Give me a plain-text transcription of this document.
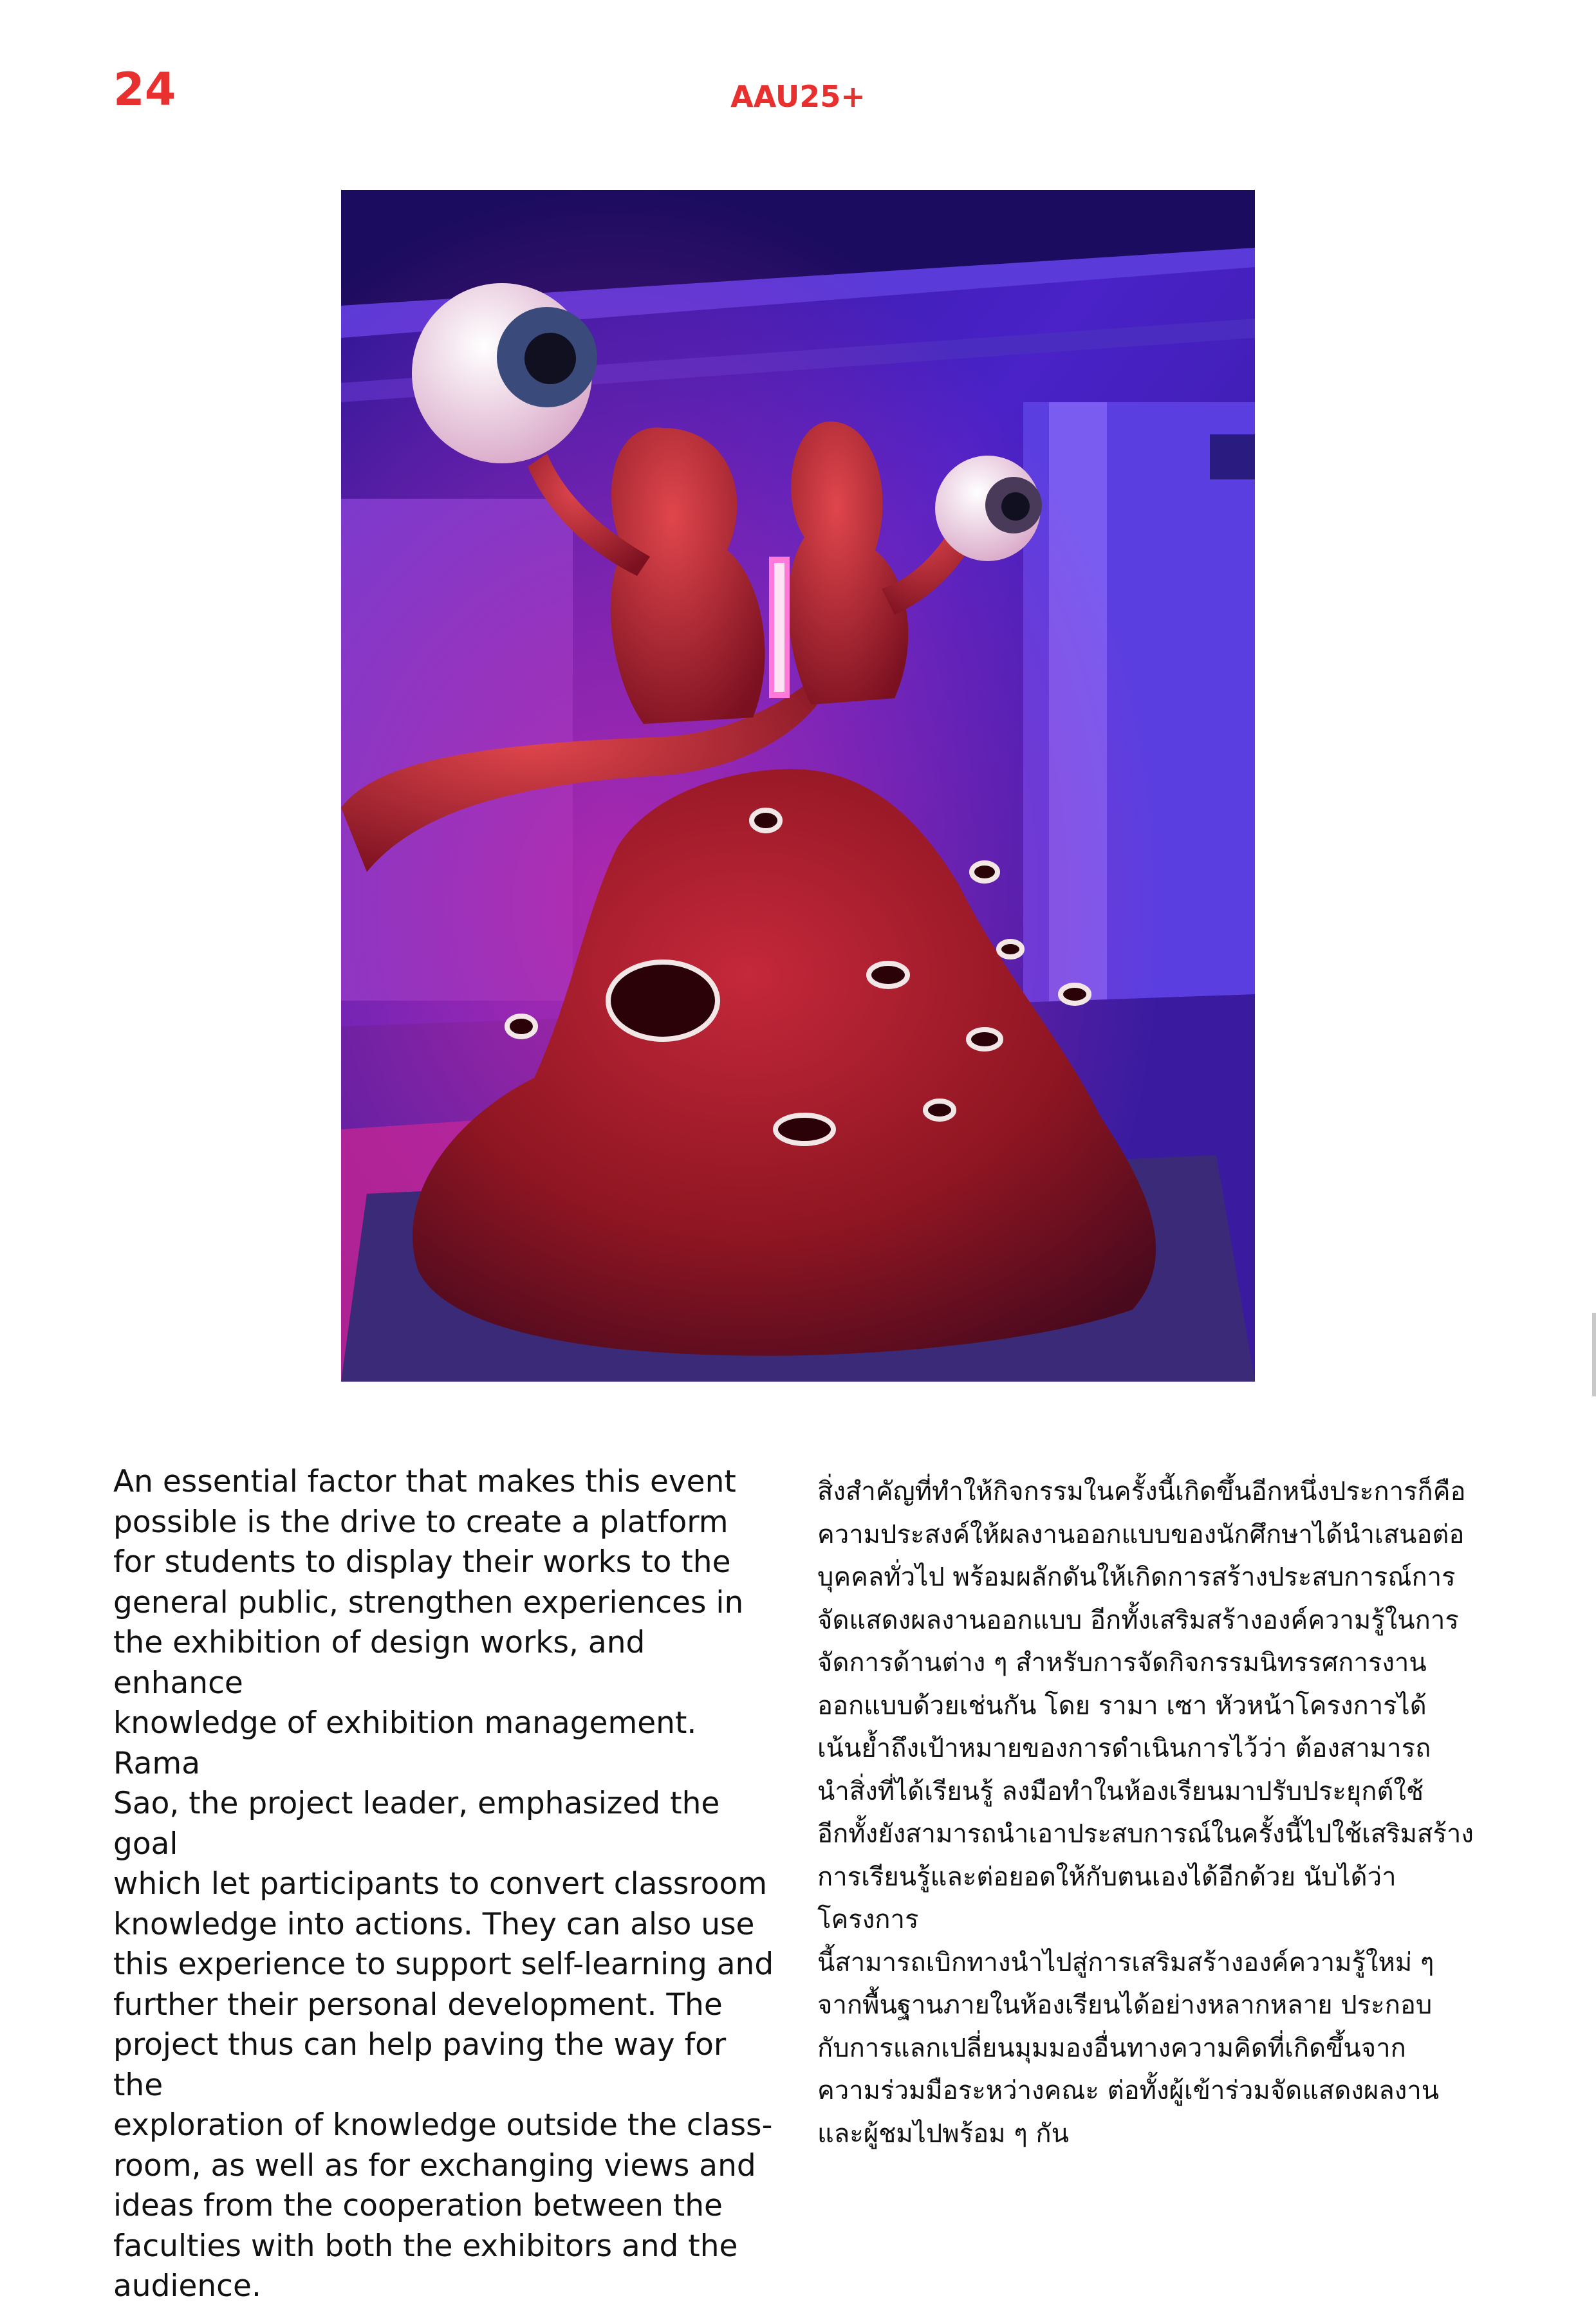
24	AAU25+
An essential factor that makes this event
possible is the drive to create a platform
for students to display their works to the
general public, strengthen experiences in
the exhibition of design works, and enhance
knowledge of exhibition management. Rama
Sao, the project leader, emphasized the goal
which let participants to convert classroom
knowledge into actions. They can also use
this experience to support self-learning and
further their personal development. The
project thus can help paving the way for the
exploration of knowledge outside the class-
room, as well as for exchanging views and
ideas from the cooperation between the
faculties with both the exhibitors and the
audience.
สิ่งสำคัญที่ทำให้กิจกรรมในครั้งนี้เกิดขึ้นอีกหนึ่งประการก็คือ
ความประสงค์ให้ผลงานออกแบบของนักศึกษาได้นำเสนอต่อ
บุคคลทั่วไป พร้อมผลักดันให้เกิดการสร้างประสบการณ์การ
จัดแสดงผลงานออกแบบ อีกทั้งเสริมสร้างองค์ความรู้ในการ
จัดการด้านต่าง ๆ สำหรับการจัดกิจกรรมนิทรรศการงาน
ออกแบบด้วยเช่นกัน โดย รามา เซา หัวหน้าโครงการได้
เน้นย้ำถึงเป้าหมายของการดำเนินการไว้ว่า ต้องสามารถ
นำสิ่งที่ได้เรียนรู้ ลงมือทำในห้องเรียนมาปรับประยุกต์ใช้
อีกทั้งยังสามารถนำเอาประสบการณ์ในครั้งนี้ไปใช้เสริมสร้าง
การเรียนรู้และต่อยอดให้กับตนเองได้อีกด้วย นับได้ว่าโครงการ
นี้สามารถเบิกทางนำไปสู่การเสริมสร้างองค์ความรู้ใหม่ ๆ
จากพื้นฐานภายในห้องเรียนได้อย่างหลากหลาย ประกอบ
กับการแลกเปลี่ยนมุมมองอื่นทางความคิดที่เกิดขึ้นจาก
ความร่วมมือระหว่างคณะ ต่อทั้งผู้เข้าร่วมจัดแสดงผลงาน
และผู้ชมไปพร้อม ๆ กัน
